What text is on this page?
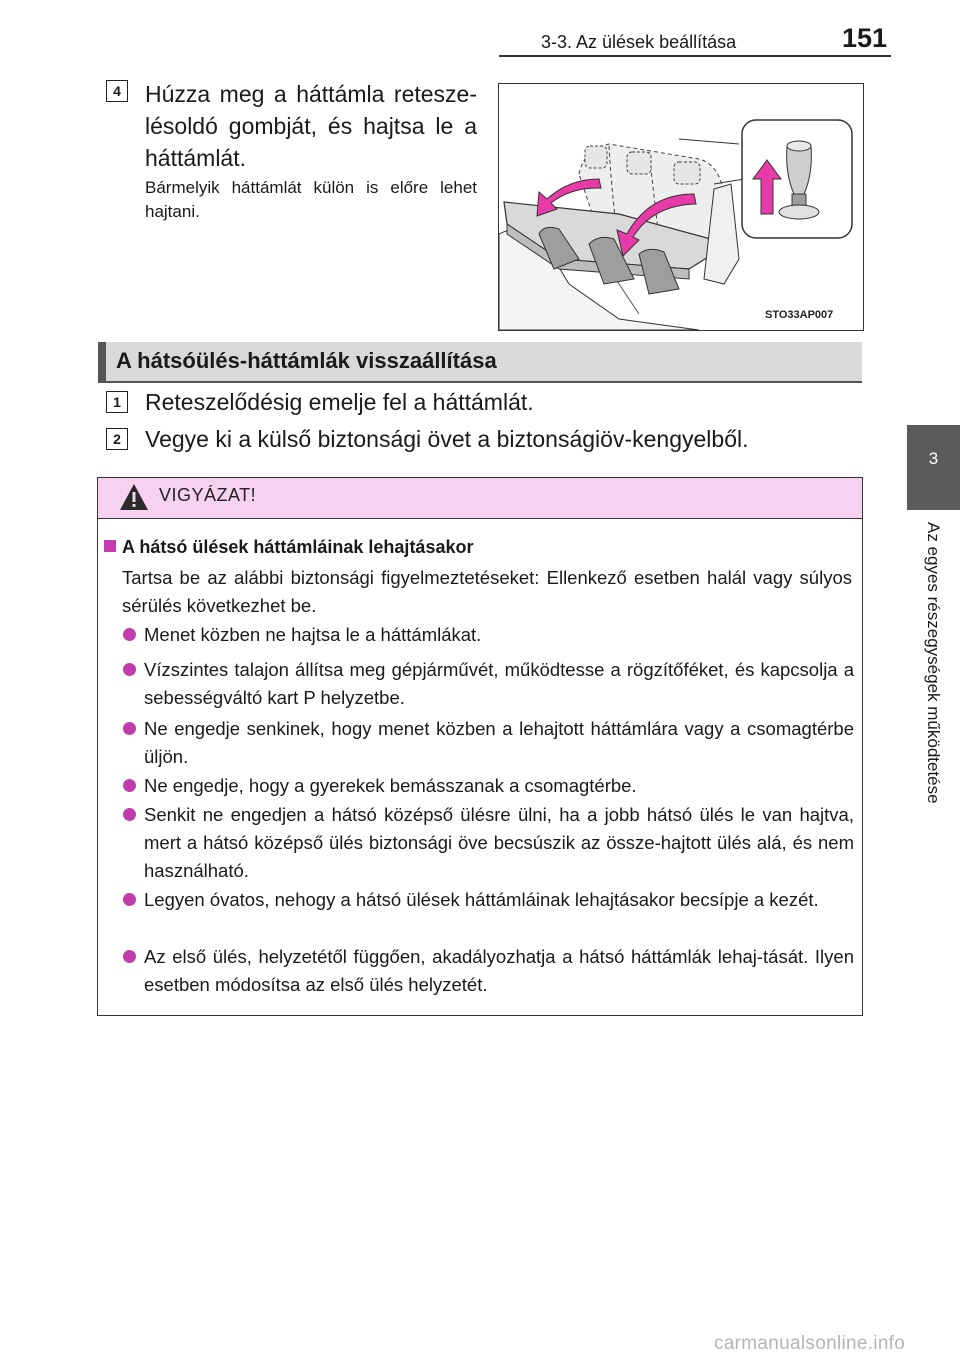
3-3. Az ülések beállítása	151
3
Az egyes részegységek működtetése
4	Húzza meg a háttámla retesze-lésoldó gombját, és hajtsa le a háttámlát.
Bármelyik háttámlát külön is előre lehet hajtani.
STO33AP007
A hátsóülés-háttámlák visszaállítása
1	Reteszelődésig emelje fel a háttámlát.
2	Vegye ki a külső biztonsági övet a biztonságiöv-kengyelből.
VIGYÁZAT!
A hátsó ülések háttámláinak lehajtásakor
Tartsa be az alábbi biztonsági figyelmeztetéseket: Ellenkező esetben halál vagy súlyos sérülés következhet be.
Menet közben ne hajtsa le a háttámlákat.
Vízszintes talajon állítsa meg gépjárművét, működtesse a rögzítőféket, és kapcsolja a sebességváltó kart P helyzetbe.
Ne engedje senkinek, hogy menet közben a lehajtott háttámlára vagy a csomagtérbe üljön.
Ne engedje, hogy a gyerekek bemásszanak a csomagtérbe.
Senkit ne engedjen a hátsó középső ülésre ülni, ha a jobb hátsó ülés le van hajtva, mert a hátsó középső ülés biztonsági öve becsúszik az össze-hajtott ülés alá, és nem használható.
Legyen óvatos, nehogy a hátsó ülések háttámláinak lehajtásakor becsípje a kezét.
Az első ülés, helyzetétől függően, akadályozhatja a hátsó háttámlák lehaj-tását. Ilyen esetben módosítsa az első ülés helyzetét.
carmanualsonline.info
